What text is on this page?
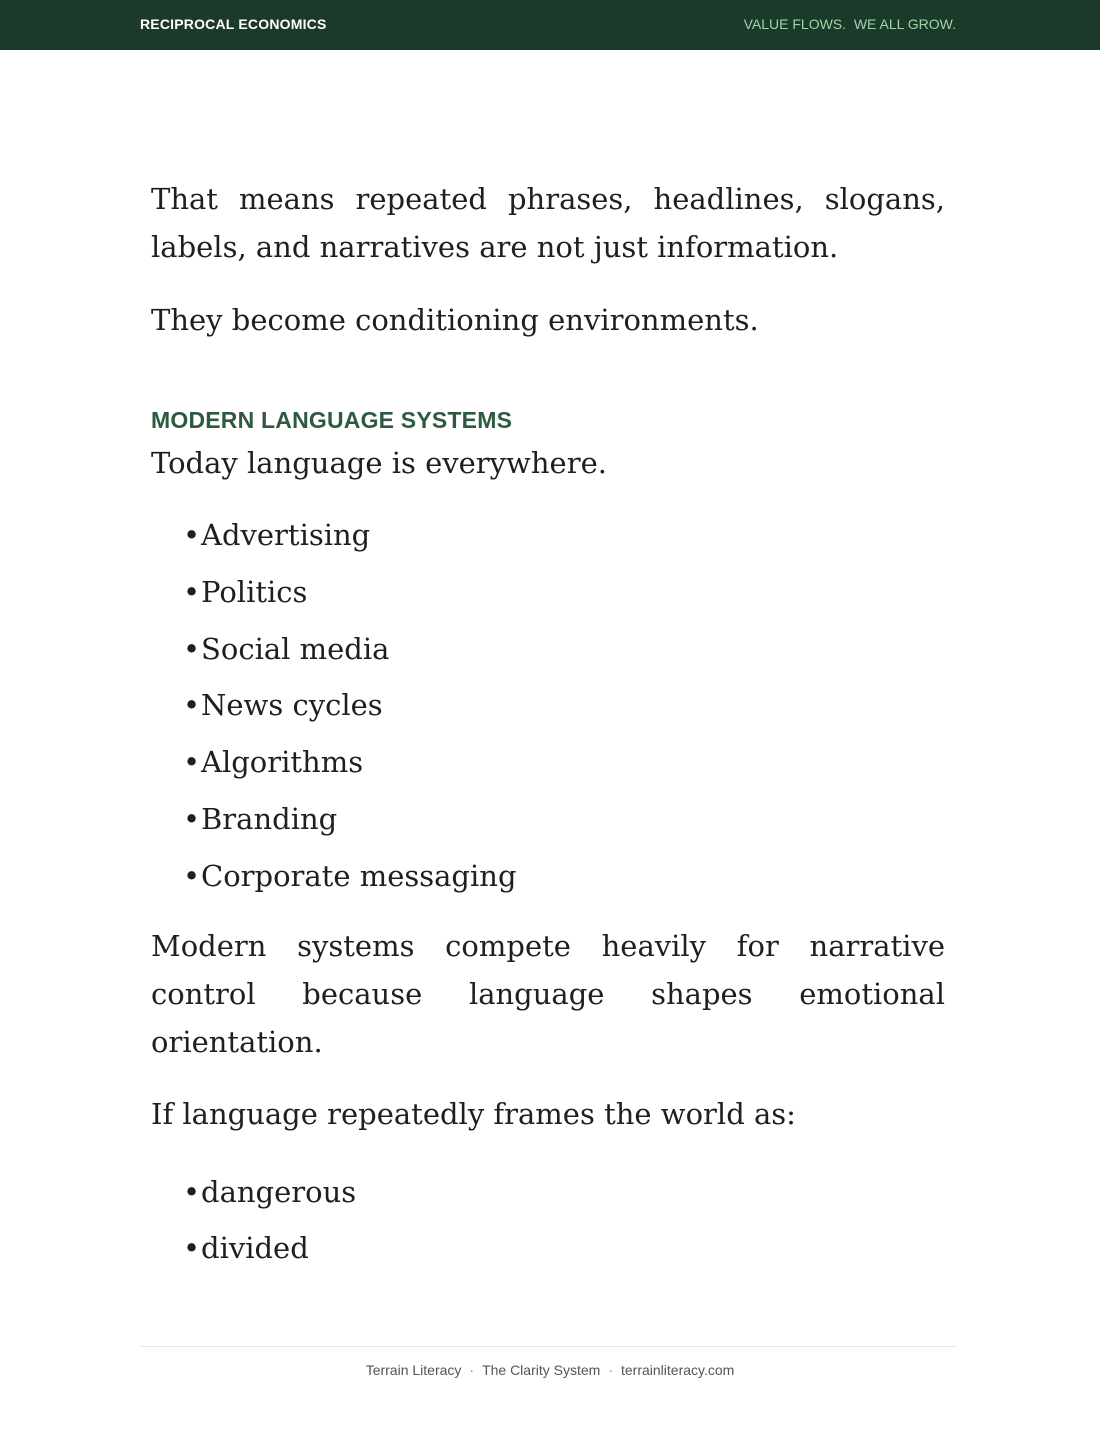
RECIPROCAL ECONOMICS	VALUE FLOWS.  WE ALL GROW.

That means repeated phrases, headlines, slogans, labels, and narratives are not just information.

They become conditioning environments.

MODERN LANGUAGE SYSTEMS

Today language is everywhere.

•Advertising
•Politics
•Social media
•News cycles
•Algorithms
•Branding
•Corporate messaging

Modern systems compete heavily for narrative control because language shapes emotional orientation.

If language repeatedly frames the world as:

•dangerous
•divided
Terrain Literacy · The Clarity System · terrainliteracy.com
